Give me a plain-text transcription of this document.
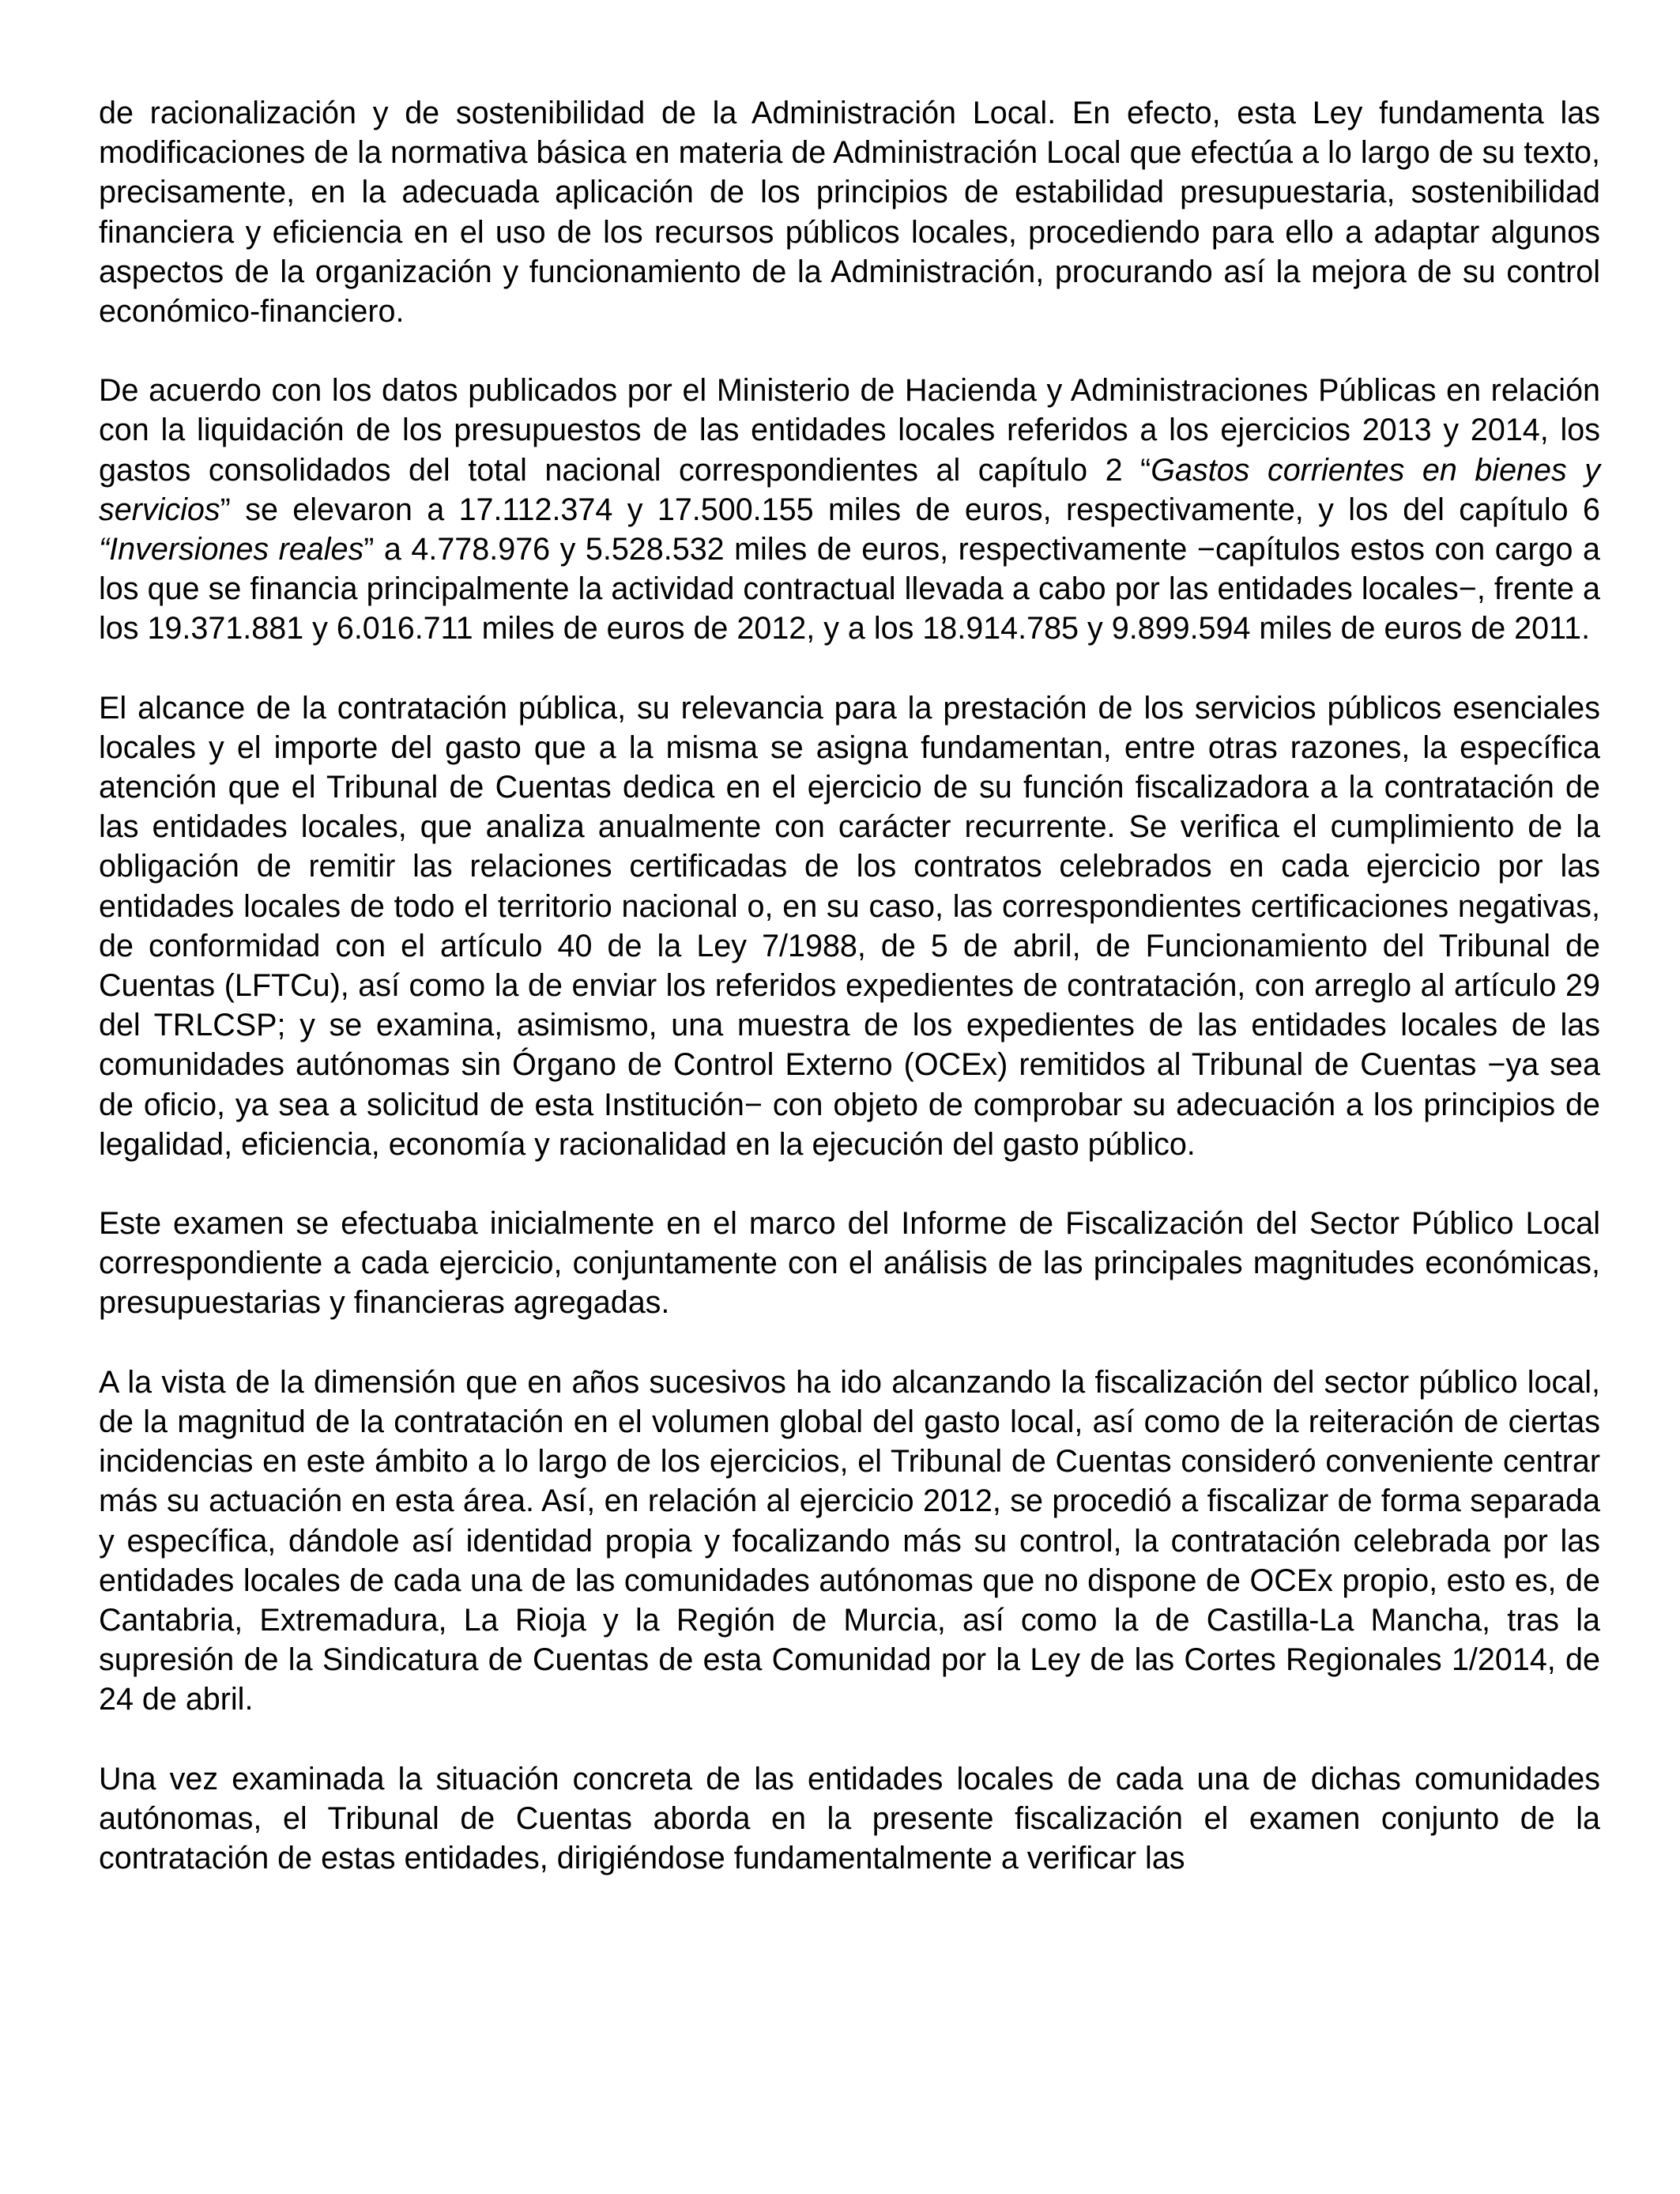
de racionalización y de sostenibilidad de la Administración Local. En efecto, esta Ley fundamenta las modificaciones de la normativa básica en materia de Administración Local que efectúa a lo largo de su texto, precisamente, en la adecuada aplicación de los principios de estabilidad presupuestaria, sostenibilidad financiera y eficiencia en el uso de los recursos públicos locales, procediendo para ello a adaptar algunos aspectos de la organización y funcionamiento de la Administración, procurando así la mejora de su control económico-financiero.

De acuerdo con los datos publicados por el Ministerio de Hacienda y Administraciones Públicas en relación con la liquidación de los presupuestos de las entidades locales referidos a los ejercicios 2013 y 2014, los gastos consolidados del total nacional correspondientes al capítulo 2 “Gastos corrientes en bienes y servicios” se elevaron a 17.112.374 y 17.500.155 miles de euros, respectivamente, y los del capítulo 6 “Inversiones reales” a 4.778.976 y 5.528.532 miles de euros, respectivamente −capítulos estos con cargo a los que se financia principalmente la actividad contractual llevada a cabo por las entidades locales−, frente a los 19.371.881 y 6.016.711 miles de euros de 2012, y a los 18.914.785 y 9.899.594 miles de euros de 2011.

El alcance de la contratación pública, su relevancia para la prestación de los servicios públicos esenciales locales y el importe del gasto que a la misma se asigna fundamentan, entre otras razones, la específica atención que el Tribunal de Cuentas dedica en el ejercicio de su función fiscalizadora a la contratación de las entidades locales, que analiza anualmente con carácter recurrente. Se verifica el cumplimiento de la obligación de remitir las relaciones certificadas de los contratos celebrados en cada ejercicio por las entidades locales de todo el territorio nacional o, en su caso, las correspondientes certificaciones negativas, de conformidad con el artículo 40 de la Ley 7/1988, de 5 de abril, de Funcionamiento del Tribunal de Cuentas (LFTCu), así como la de enviar los referidos expedientes de contratación, con arreglo al artículo 29 del TRLCSP; y se examina, asimismo, una muestra de los expedientes de las entidades locales de las comunidades autónomas sin Órgano de Control Externo (OCEx) remitidos al Tribunal de Cuentas −ya sea de oficio, ya sea a solicitud de esta Institución− con objeto de comprobar su adecuación a los principios de legalidad, eficiencia, economía y racionalidad en la ejecución del gasto público.

Este examen se efectuaba inicialmente en el marco del Informe de Fiscalización del Sector Público Local correspondiente a cada ejercicio, conjuntamente con el análisis de las principales magnitudes económicas, presupuestarias y financieras agregadas.

A la vista de la dimensión que en años sucesivos ha ido alcanzando la fiscalización del sector público local, de la magnitud de la contratación en el volumen global del gasto local, así como de la reiteración de ciertas incidencias en este ámbito a lo largo de los ejercicios, el Tribunal de Cuentas consideró conveniente centrar más su actuación en esta área. Así, en relación al ejercicio 2012, se procedió a fiscalizar de forma separada y específica, dándole así identidad propia y focalizando más su control, la contratación celebrada por las entidades locales de cada una de las comunidades autónomas que no dispone de OCEx propio, esto es, de Cantabria, Extremadura, La Rioja y la Región de Murcia, así como la de Castilla-La Mancha, tras la supresión de la Sindicatura de Cuentas de esta Comunidad por la Ley de las Cortes Regionales 1/2014, de 24 de abril.

Una vez examinada la situación concreta de las entidades locales de cada una de dichas comunidades autónomas, el Tribunal de Cuentas aborda en la presente fiscalización el examen conjunto de la contratación de estas entidades, dirigiéndose fundamentalmente a verificar las
